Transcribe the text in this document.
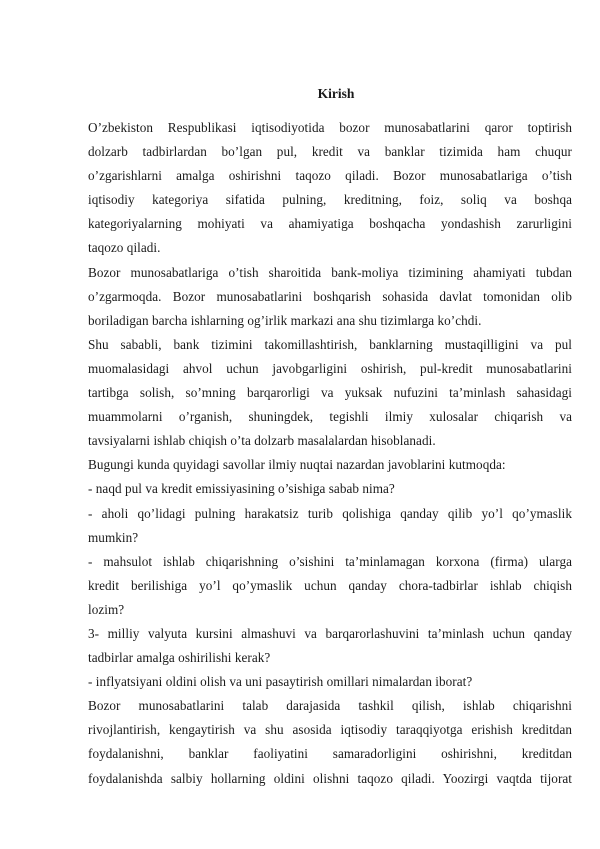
Kirish

O’zbekiston Respublikasi iqtisodiyotida bozor munosabatlarini qaror toptirish
dolzarb tadbirlardan bo’lgan pul, kredit va banklar tizimida ham chuqur
o’zgarishlarni amalga oshirishni taqozo qiladi. Bozor munosabatlariga o’tish
iqtisodiy kategoriya sifatida pulning, kreditning, foiz, soliq va boshqa
kategoriyalarning mohiyati va ahamiyatiga boshqacha yondashish zarurligini
taqozo qiladi.

Bozor munosabatlariga o’tish sharoitida bank-moliya tizimining ahamiyati tubdan
o’zgarmoqda. Bozor munosabatlarini boshqarish sohasida davlat tomonidan olib
boriladigan barcha ishlarning og’irlik markazi ana shu tizimlarga ko’chdi.

Shu sababli, bank tizimini takomillashtirish, banklarning mustaqilligini va pul
muomalasidagi ahvol uchun javobgarligini oshirish, pul-kredit munosabatlarini
tartibga solish, so’mning barqarorligi va yuksak nufuzini ta’minlash sahasidagi
muammolarni o’rganish, shuningdek, tegishli ilmiy xulosalar chiqarish va
tavsiyalarni ishlab chiqish o’ta dolzarb masalalardan hisoblanadi.

Bugungi kunda quyidagi savollar ilmiy nuqtai nazardan javoblarini kutmoqda:

- naqd pul va kredit emissiyasining o’sishiga sabab nima?

- aholi qo’lidagi pulning harakatsiz turib qolishiga qanday qilib yo’l qo’ymaslik
mumkin?

- mahsulot ishlab chiqarishning o’sishini ta’minlamagan korxona (firma) ularga
kredit berilishiga yo’l qo’ymaslik uchun qanday chora-tadbirlar ishlab chiqish
lozim?

3- milliy valyuta kursini almashuvi va barqarorlashuvini ta’minlash uchun qanday
tadbirlar amalga oshirilishi kerak?

- inflyatsiyani oldini olish va uni pasaytirish omillari nimalardan iborat?

Bozor munosabatlarini talab darajasida tashkil qilish, ishlab chiqarishni
rivojlantirish, kengaytirish va shu asosida iqtisodiy taraqqiyotga erishish kreditdan
foydalanishni, banklar faoliyatini samaradorligini oshirishni, kreditdan
foydalanishda salbiy hollarning oldini olishni taqozo qiladi. Yoozirgi vaqtda tijorat
